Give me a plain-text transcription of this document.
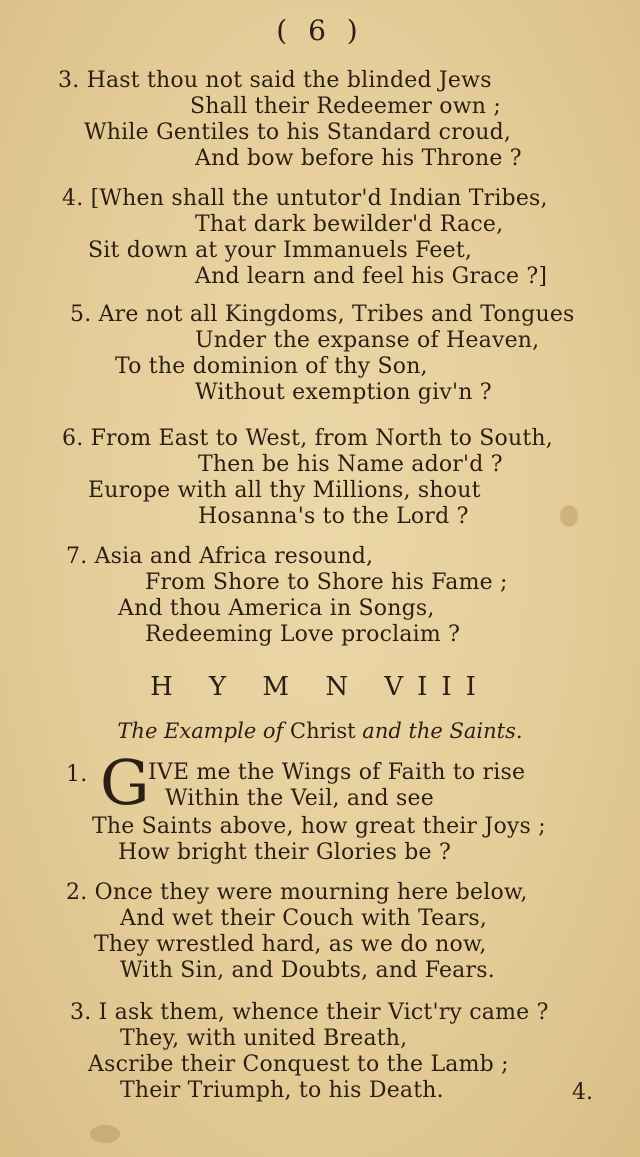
( 6 )
3. Hast thou not said the blinded Jews
Shall their Redeemer own ;
While Gentiles to his Standard croud,
And bow before his Throne ?
4. [When shall the untutor'd Indian Tribes,
That dark bewilder'd Race,
Sit down at your Immanuels Feet,
And learn and feel his Grace ?]
5. Are not all Kingdoms, Tribes and Tongues
Under the expanse of Heaven,
To the dominion of thy Son,
Without exemption giv'n ?
6. From East to West, from North to South,
Then be his Name ador'd ?
Europe with all thy Millions, shout
Hosanna's to the Lord ?
7. Asia and Africa resound,
From Shore to Shore his Fame ;
And thou America in Songs,
Redeeming Love proclaim ?
H Y M N VIII
The Example of Christ and the Saints.
1. G
IVE me the Wings of Faith to rise
Within the Veil, and see
The Saints above, how great their Joys ;
How bright their Glories be ?
2. Once they were mourning here below,
And wet their Couch with Tears,
They wrestled hard, as we do now,
With Sin, and Doubts, and Fears.
3. I ask them, whence their Vict'ry came ?
They, with united Breath,
Ascribe their Conquest to the Lamb ;
Their Triumph, to his Death.	4.
